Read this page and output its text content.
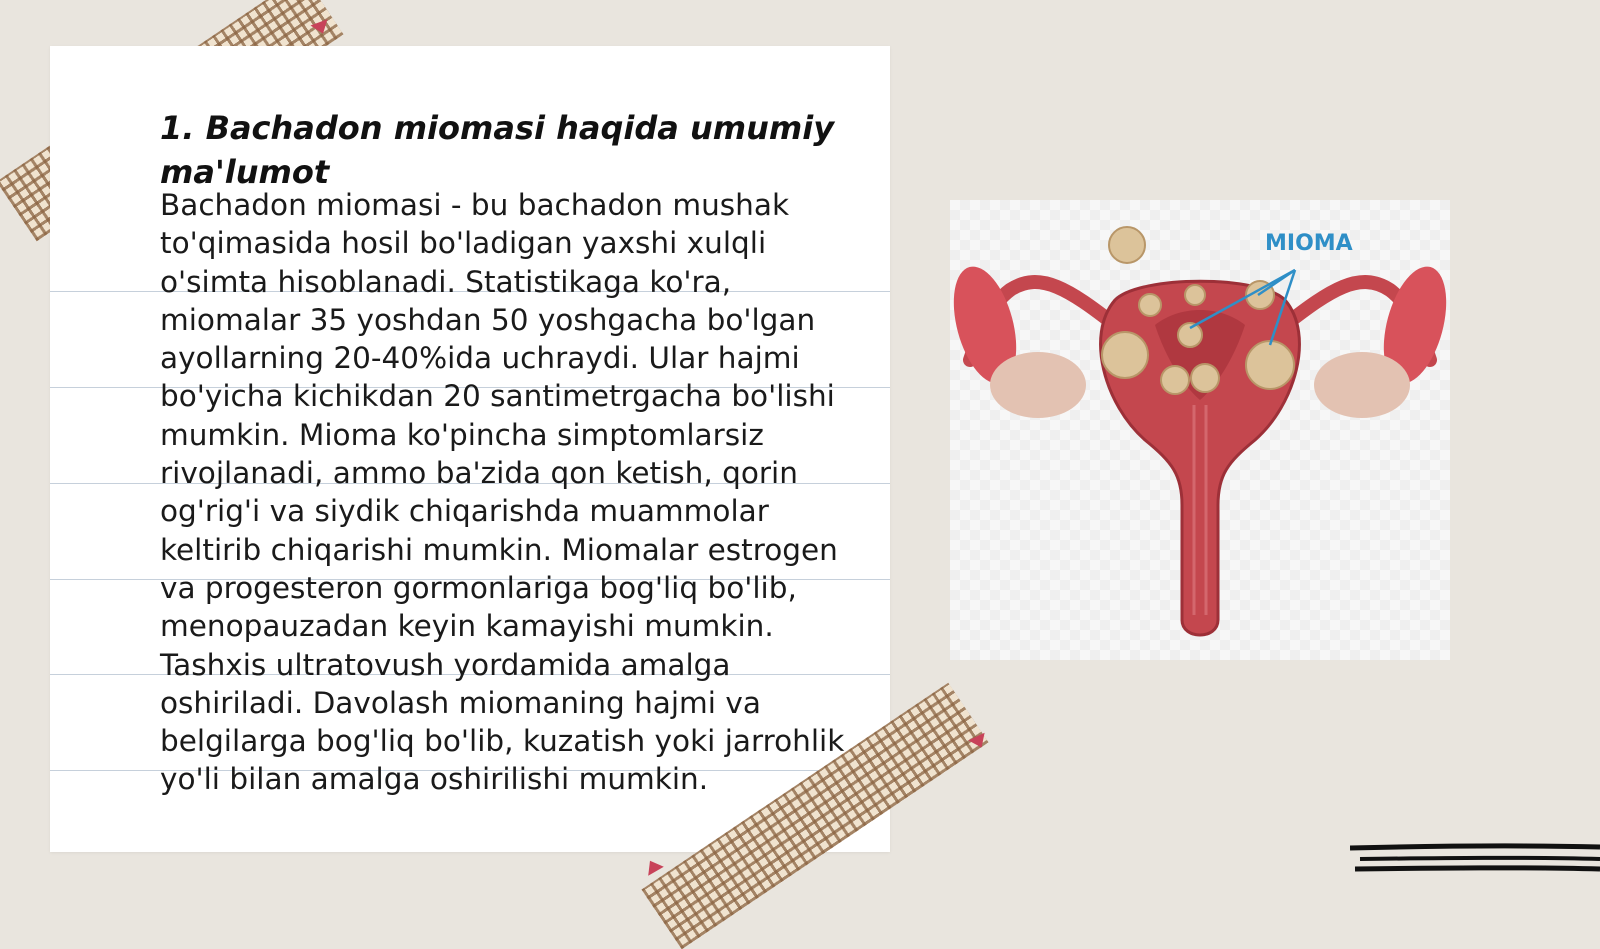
1. Bachadon miomasi haqida umumiy ma'lumot

Bachadon miomasi - bu bachadon mushak to'qimasida hosil bo'ladigan yaxshi xulqli o'simta hisoblanadi. Statistikaga ko'ra, miomalar 35 yoshdan 50 yoshgacha bo'lgan ayollarning 20-40%ida uchraydi. Ular hajmi bo'yicha kichikdan 20 santimetrgacha bo'lishi mumkin. Mioma ko'pincha simptomlarsiz rivojlanadi, ammo ba'zida qon ketish, qorin og'rig'i va siydik chiqarishda muammolar keltirib chiqarishi mumkin. Miomalar estrogen va progesteron gormonlariga bog'liq bo'lib, menopauzadan keyin kamayishi mumkin. Tashxis ultratovush yordamida amalga oshiriladi. Davolash miomaning hajmi va belgilarga bog'liq bo'lib, kuzatish yoki jarrohlik yo'li bilan amalga oshirilishi mumkin.

MIOMA
